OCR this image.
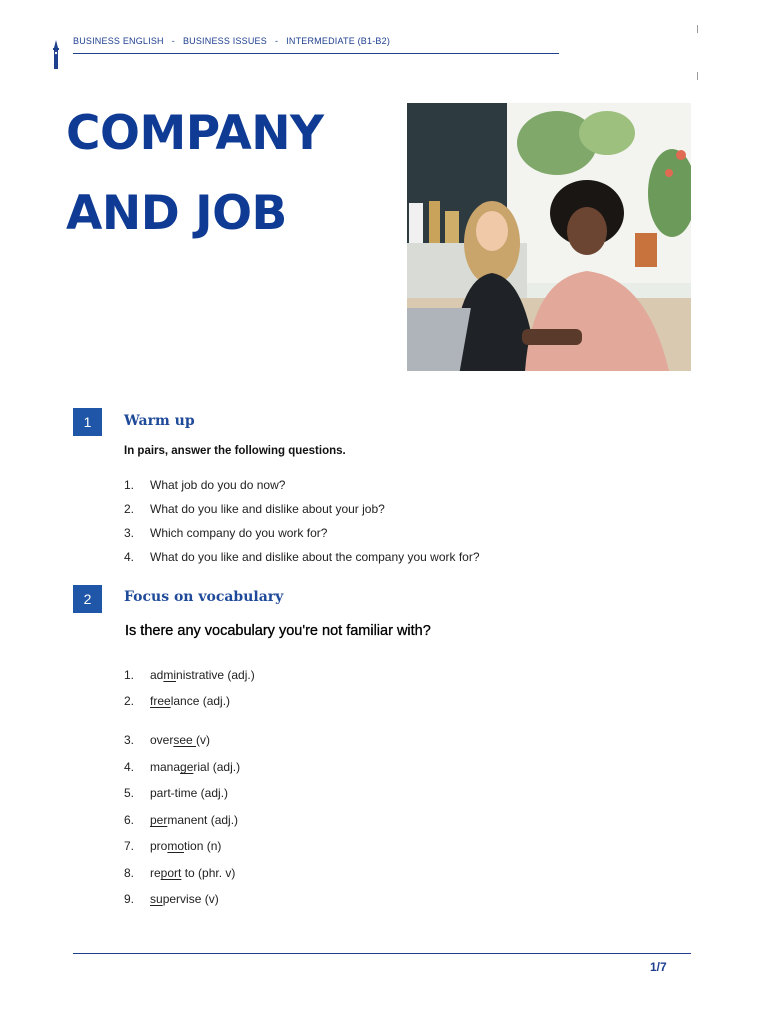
BUSINESS ENGLISH - BUSINESS ISSUES - INTERMEDIATE (B1-B2)
COMPANY
AND JOB
1	Warm up
In pairs, answer the following questions.
1. What job do you do now?
2. What do you like and dislike about your job?
3. Which company do you work for?
4. What do you like and dislike about the company you work for?
2	Focus on vocabulary
Is there any vocabulary you're not familiar with?
1. administrative (adj.)
2. freelance (adj.)
3. oversee (v)
4. managerial (adj.)
5. part-time (adj.)
6. permanent (adj.)
7. promotion (n)
8. report to (phr. v)
9. supervise (v)
1/7
